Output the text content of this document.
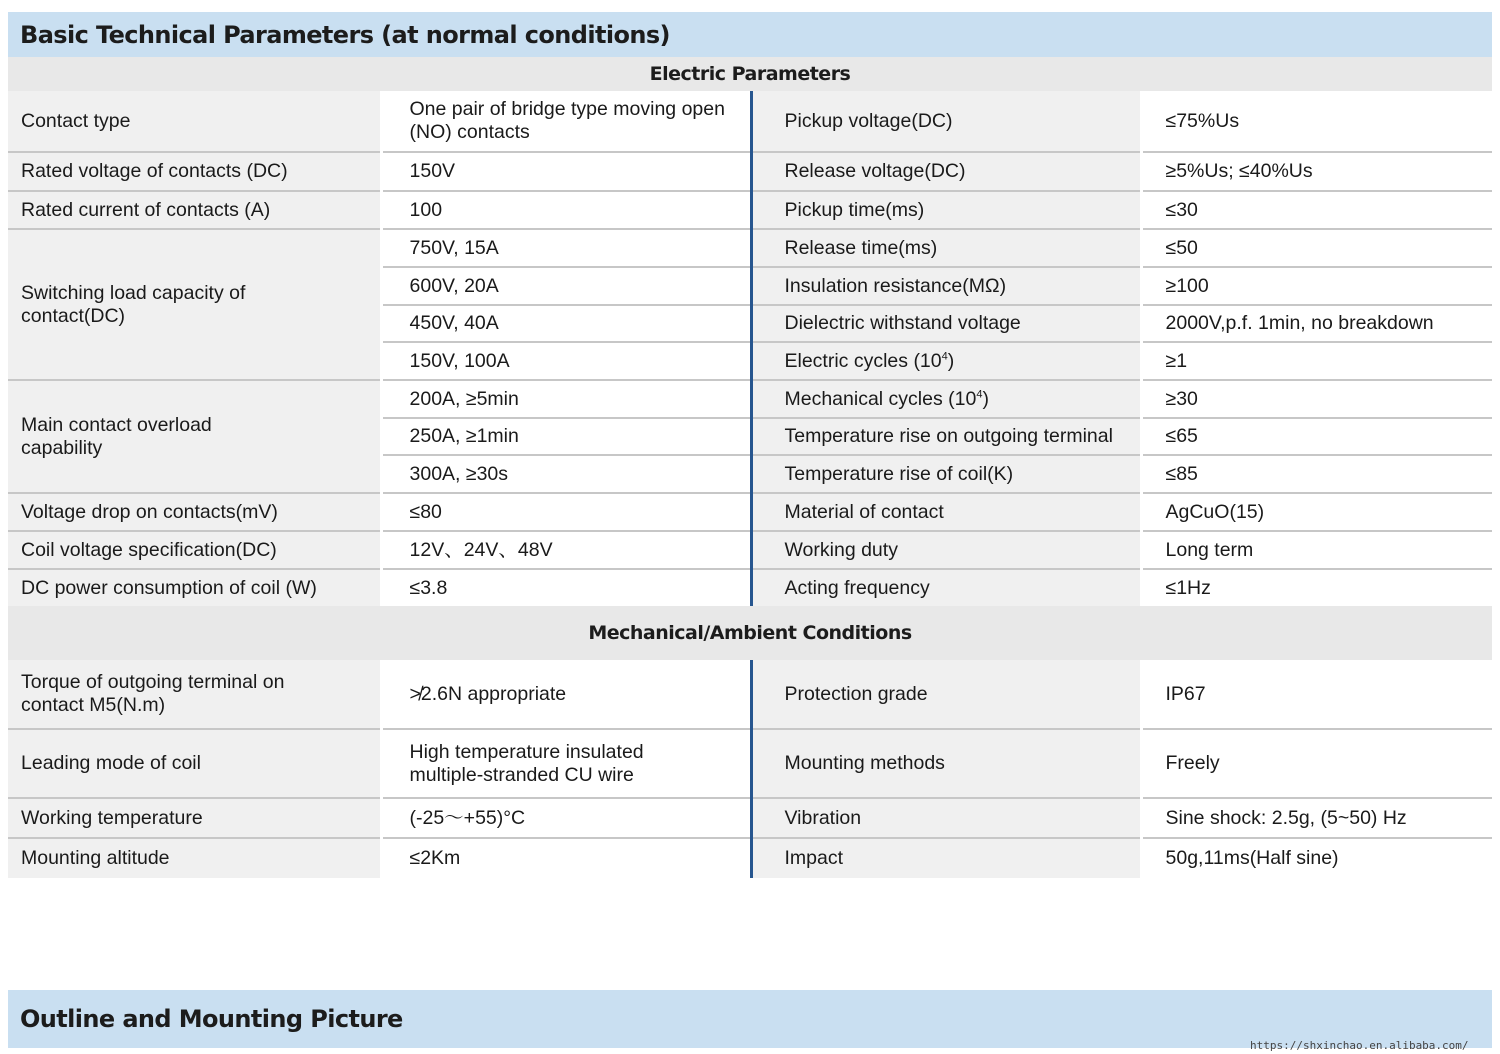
Basic Technical Parameters (at normal conditions)
Electric Parameters
Contact type	One pair of bridge type moving open (NO) contacts	Pickup voltage(DC)	≤75%Us
Rated voltage of contacts (DC)	150V	Release voltage(DC)	≥5%Us; ≤40%Us
Rated current of contacts (A)	100	Pickup time(ms)	≤30
Switching load capacity of contact(DC)	750V, 15A	Release time(ms)	≤50
	600V, 20A	Insulation resistance(MΩ)	≥100
	450V, 40A	Dielectric withstand voltage	2000V,p.f. 1min, no breakdown
	150V, 100A	Electric cycles $(10^4)$	≥1
Main contact overload capability	200A, ≥5min	Mechanical cycles $(10^4)$	≥30
	250A, ≥1min	Temperature rise on outgoing terminal	≤65
	300A, ≥30s	Temperature rise of coil(K)	≤85
Voltage drop on contacts(mV)	≤80	Material of contact	AgCuO(15)
Coil voltage specification(DC)	12V、24V、48V	Working duty	Long term
DC power consumption of coil (W)	≤3.8	Acting frequency	≤1Hz
Mechanical/Ambient Conditions
Torque of outgoing terminal on contact M5(N.m)	≯2.6N appropriate	Protection grade	IP67
Leading mode of coil	High temperature insulated multiple-stranded CU wire	Mounting methods	Freely
Working temperature	(-25～+55)°C	Vibration	Sine shock: 2.5g, (5~50) Hz
Mounting altitude	≤2Km	Impact	50g,11ms(Half sine)
Outline and Mounting Picture
https://shxinchao.en.alibaba.com/
